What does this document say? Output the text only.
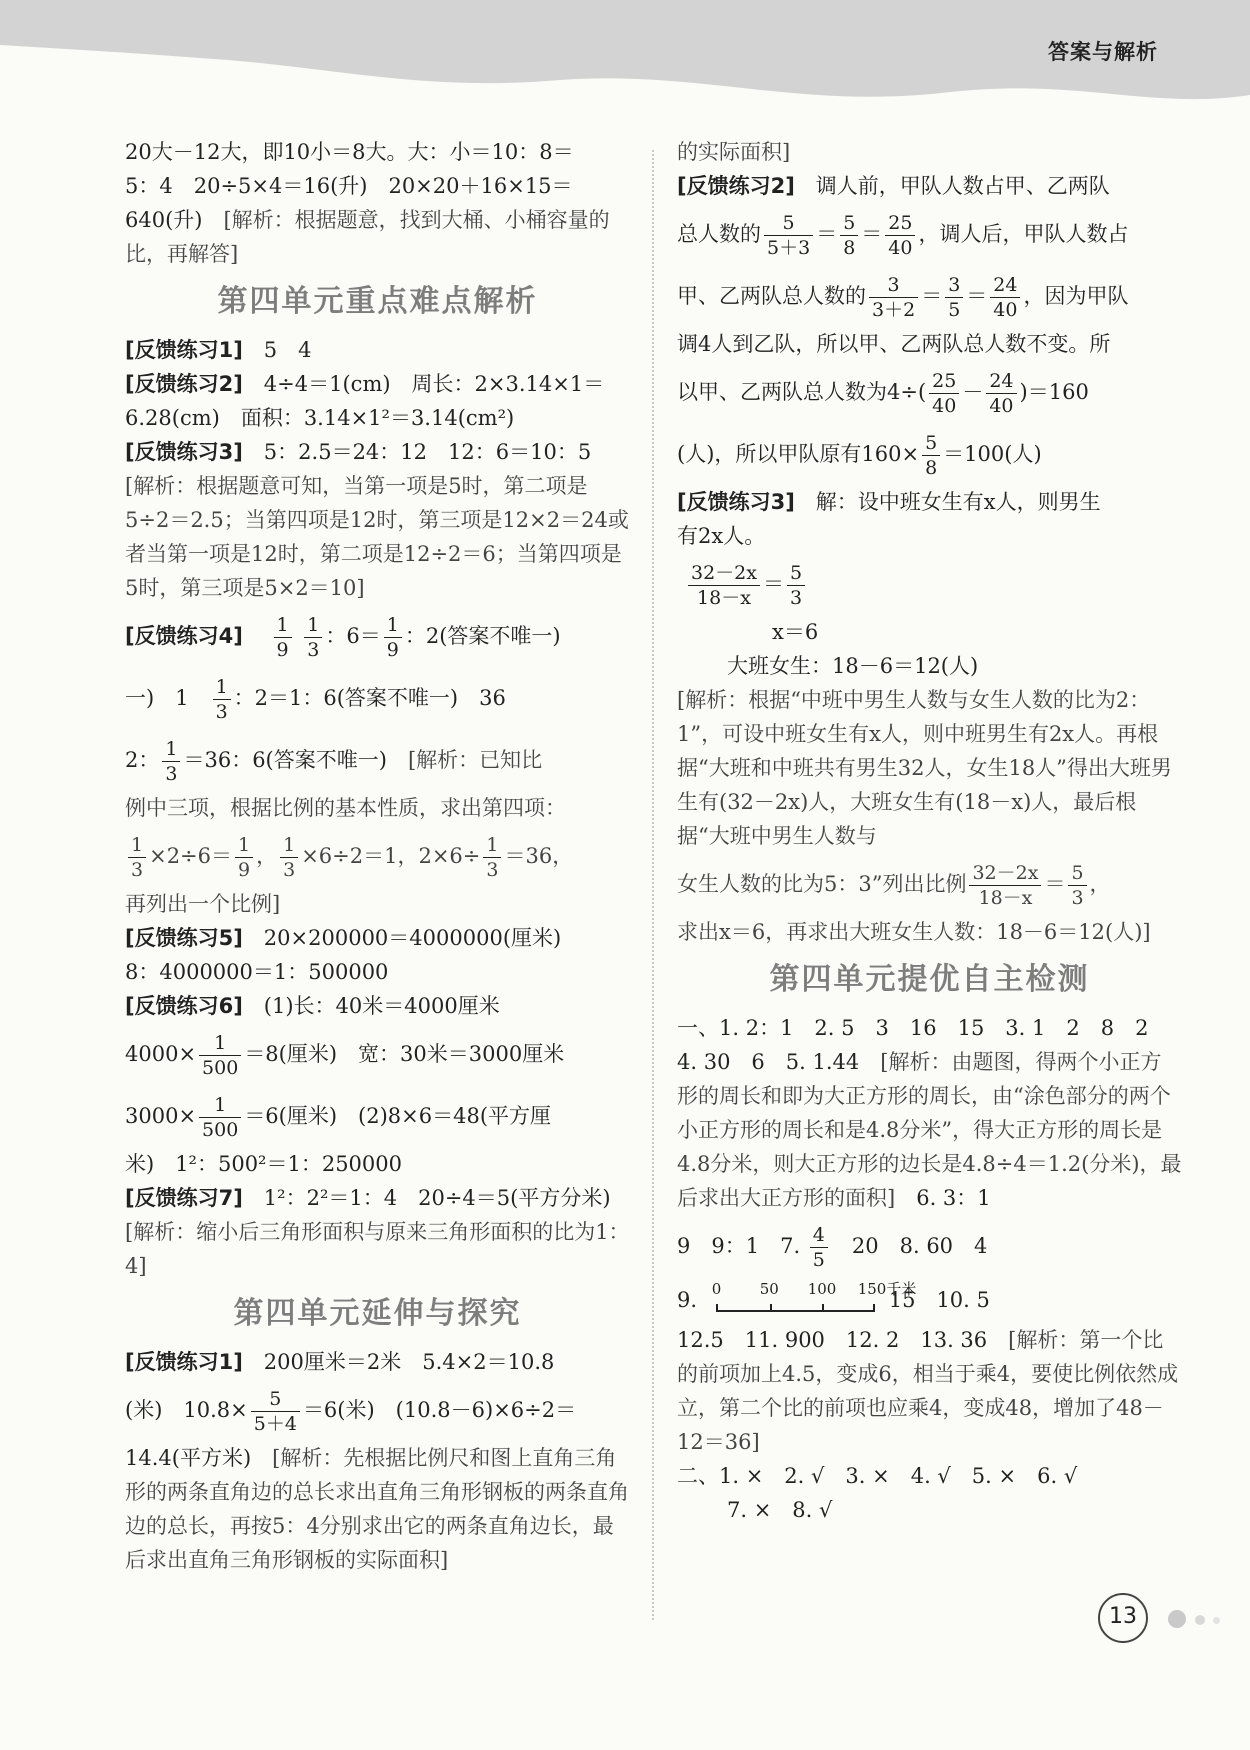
答案与解析

20大－12大，即10小＝8大。大：小＝10：8＝

5：4　20÷5×4＝16(升)　20×20＋16×15＝

640(升)　[解析：根据题意，找到大桶、小桶容量的比，再解答]

第四单元重点难点解析

[反馈练习1]　5　4

[反馈练习2]　4÷4＝1(cm)　周长：2×3.14×1＝6.28(cm)　面积：3.14×1²＝3.14(cm²)

[反馈练习3]　5：2.5＝24：12　12：6＝10：5　[解析：根据题意可知，当第一项是5时，第二项是5÷2＝2.5；当第四项是12时，第三项是12×2＝24或者当第一项是12时，第二项是12÷2＝6；当第四项是5时，第三项是5×2＝10]

[反馈练习4]　 $\frac{1}{9}$
$\frac{1}{3}$ ：$6= \frac{1}{9}$ ：2(答案不唯一)

一)　1　 $\frac{1}{3}$ ：2＝1：6(答案不唯一)　36

2： $\frac{1}{3} =36$：6(答案不唯一)　[解析：已知比

例中三项，根据比例的基本性质，求出第四项：

$\frac{1}{3} \times 2\div 6= \frac{1}{9}$ ， $\frac{1}{3} \times 6\div 2=1$，$2\times 6\div \frac{1}{3} =36$，

再列出一个比例]

[反馈练习5]　20×200000＝4000000(厘米)

8：4000000＝1：500000

[反馈练习6]　(1)长：40米＝4000厘米

$4000\times \frac{1}{500} =8$(厘米)　宽：30米＝3000厘米

$3000\times \frac{1}{500} =6$(厘米)　(2)8×6＝48(平方厘

米)　1²：500²＝1：250000

[反馈练习7]　1²：2²＝1：4　20÷4＝5(平方分米)　[解析：缩小后三角形面积与原来三角形面积的比为1：4]

第四单元延伸与探究

[反馈练习1]　200厘米＝2米　5.4×2＝10.8

(米)　$10.8\times \frac{5}{5+4} =6$(米)　(10.8－6)×6÷2＝

14.4(平方米)　[解析：先根据比例尺和图上直角三角形的两条直角边的总长求出直角三角形钢板的两条直角边的总长，再按5：4分别求出它的两条直角边长，最后求出直角三角形钢板的实际面积]

的实际面积]

[反馈练习2]　调人前，甲队人数占甲、乙两队

总人数的 $\frac{5}{5+3} = \frac{5}{8} = \frac{25}{40}$ ，调人后，甲队人数占

甲、乙两队总人数的 $\frac{3}{3+2} = \frac{3}{5} = \frac{24}{40}$ ，因为甲队

调4人到乙队，所以甲、乙两队总人数不变。所

以甲、乙两队总人数为$4\div( \frac{25}{40} - \frac{24}{40} )=160$

(人)，所以甲队原有$160\times \frac{5}{8} =100$(人)

[反馈练习3]　解：设中班女生有x人，则男生

有2x人。

$\frac{32-2x}{18-x} = \frac{5}{3}$

x＝6

大班女生：18－6＝12(人)

[解析：根据“中班中男生人数与女生人数的比为2：1”，可设中班女生有x人，则中班男生有2x人。再根据“大班和中班共有男生32人，女生18人”得出大班男生有(32－2x)人，大班女生有(18－x)人，最后根据“大班中男生人数与

女生人数的比为5：3”列出比例 $\frac{32-2x}{18-x} = \frac{5}{3}$ ，

求出x＝6，再求出大班女生人数：18－6＝12(人)]

第四单元提优自主检测

一、1. 2：1　2. 5　3　16　15　3. 1　2　8　2　4. 30　6　5. 1.44　[解析：由题图，得两个小正方形的周长和即为大正方形的周长，由“涂色部分的两个小正方形的周长和是4.8分米”，得大正方形的周长是4.8分米，则大正方形的边长是4.8÷4＝1.2(分米)，最后求出大正方形的面积]　6. 3：1

9　9：1　7. $\frac{4}{5}$ 　20　8. 60　4

9. 0	50 100 150千米
15　10. 5

12.5　11. 900　12. 2　13. 36　[解析：第一个比的前项加上4.5，变成6，相当于乘4，要使比例依然成立，第二个比的前项也应乘4，变成48，增加了48－12＝36]

二、1. ×　2. √　3. ×　4. √　5. ×　6. √

7. ×　8. √

13
